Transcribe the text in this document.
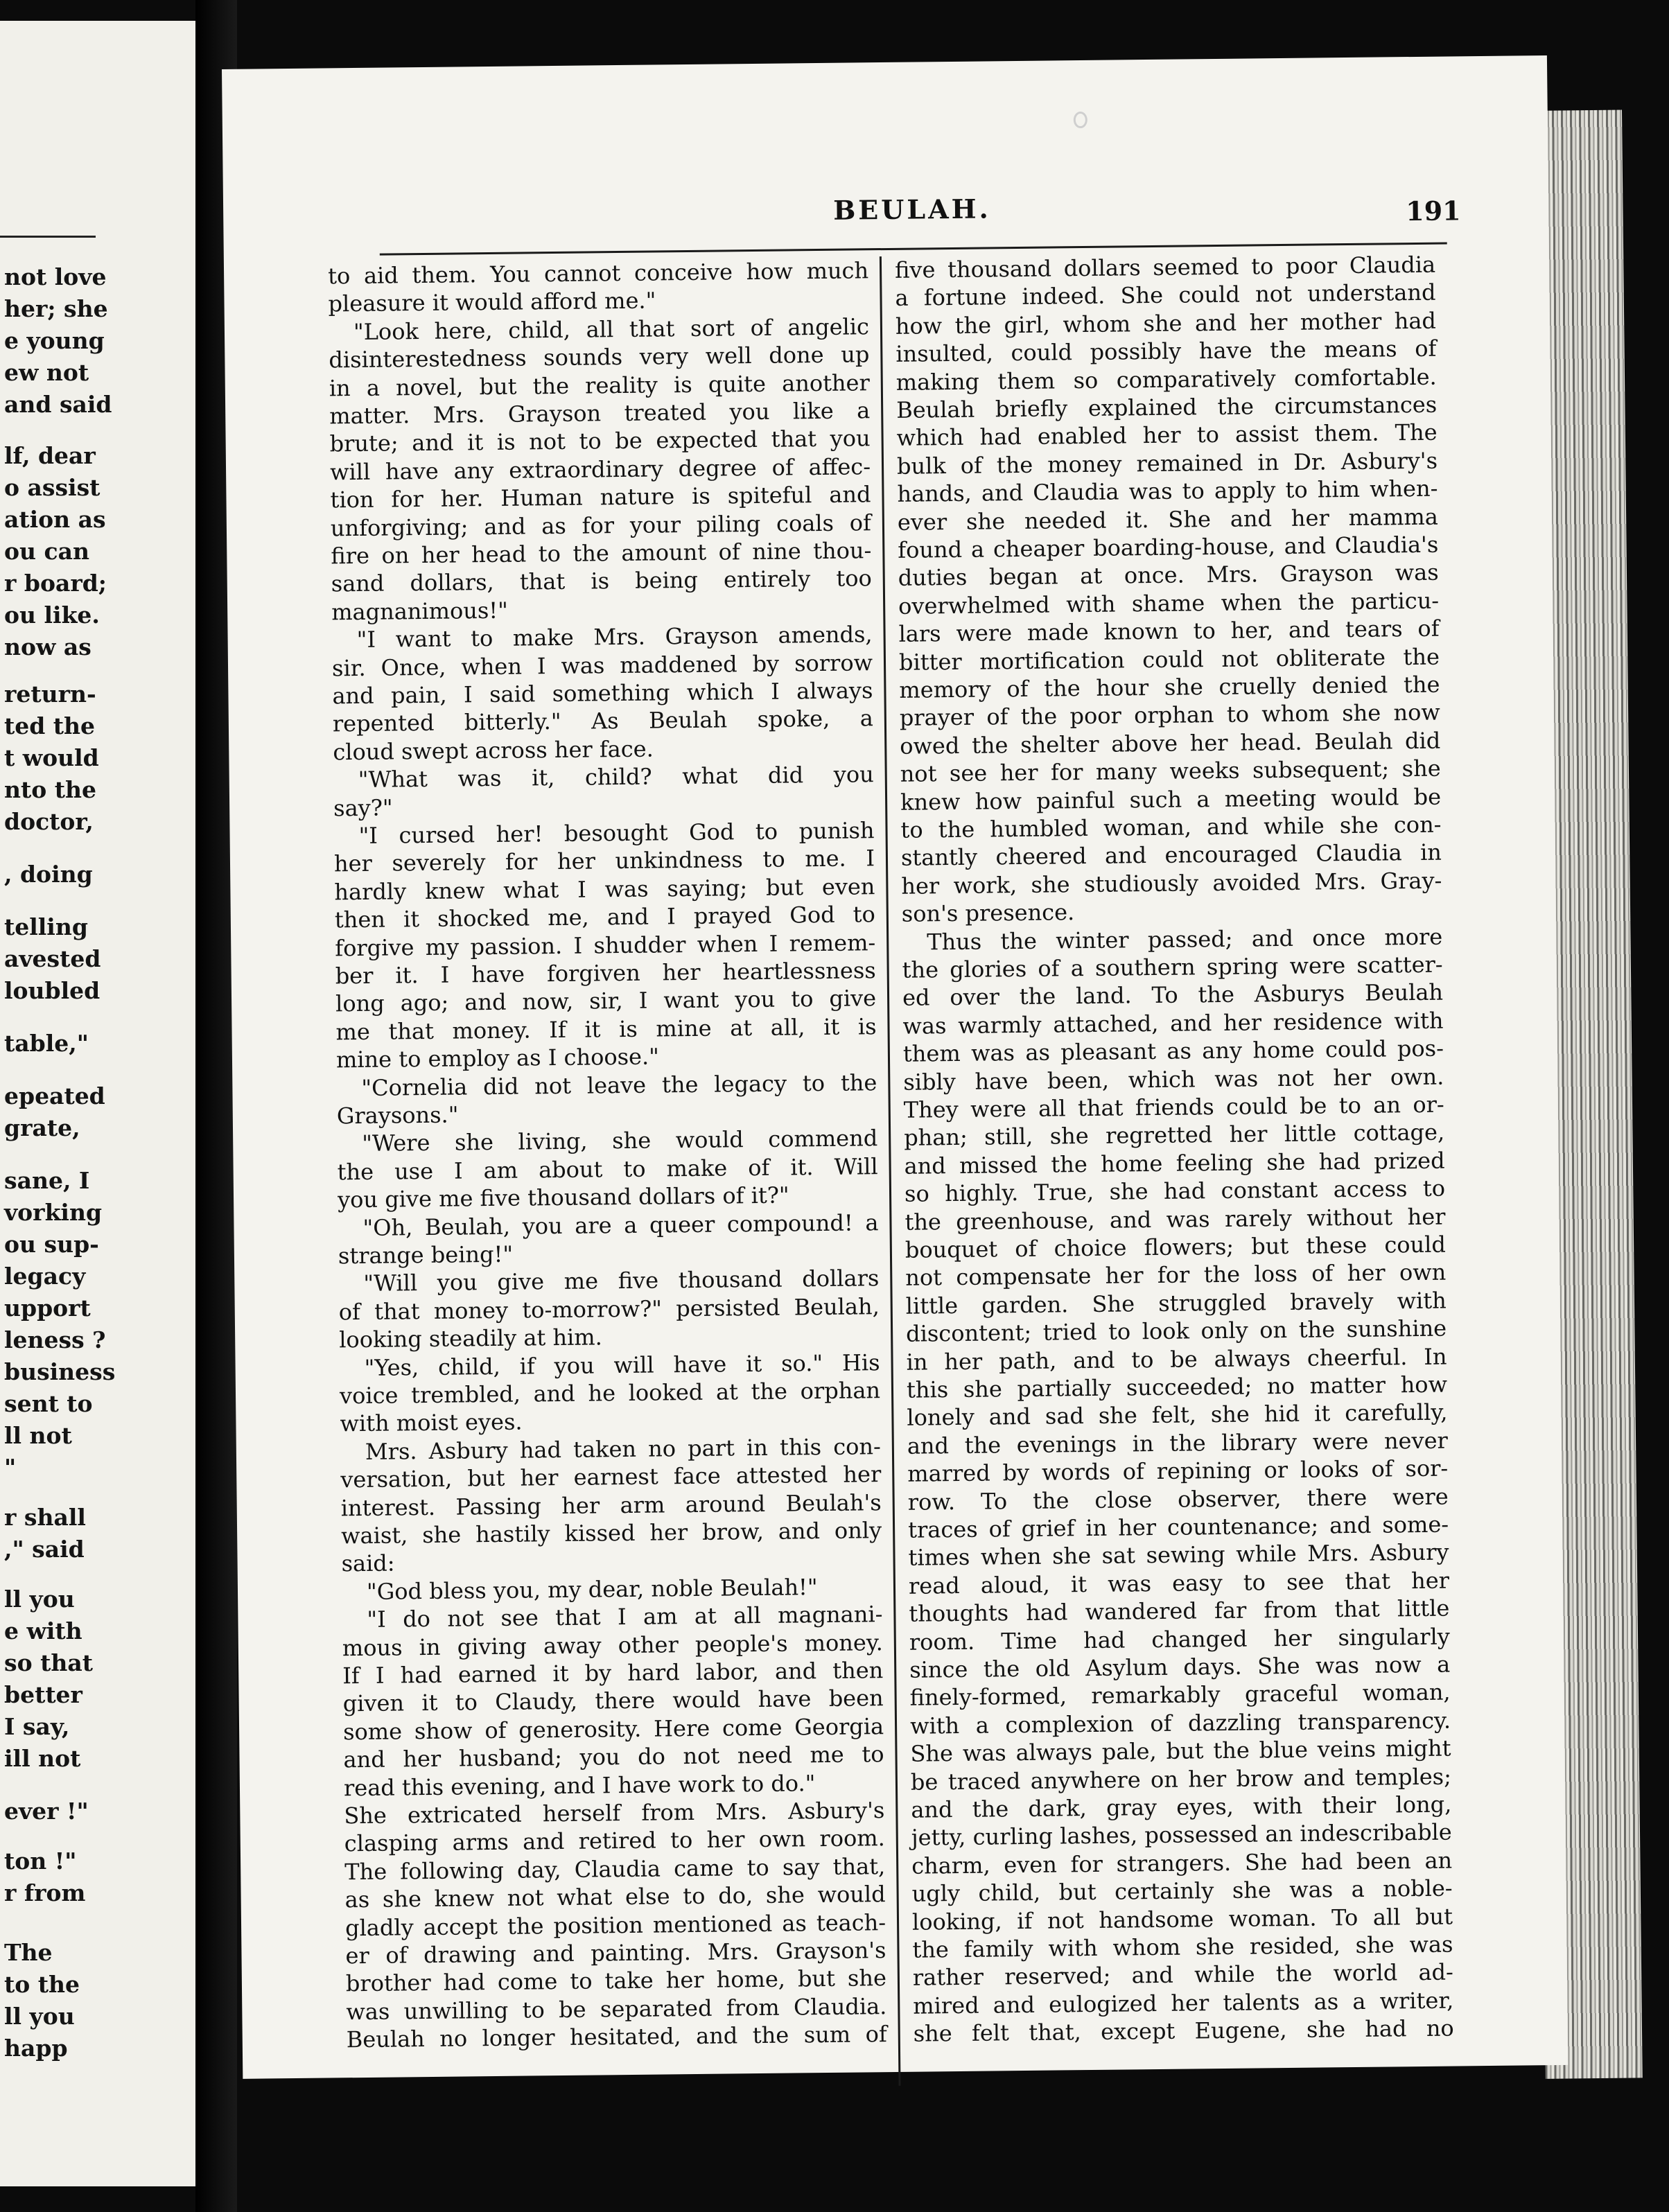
not love
her; she
e young
ew not
and said
lf, dear
o assist
ation as
ou can
r board;
ou like.
now as
return-
ted the
t would
nto the
doctor,
, doing
telling
avested
loubled
table,"
epeated
grate,
sane, I
vorking
ou sup-
legacy
upport
leness ?
business
sent to
ll not
"
r shall
," said
ll you
e with
so that
better
I say,
ill not
ever !"
ton !"
r from
The
to the
ll you
happ
BEULAH.	191
to aid them. You cannot conceive how much
pleasure it would afford me."
"Look here, child, all that sort of angelic
disinterestedness sounds very well done up
in a novel, but the reality is quite another
matter. Mrs. Grayson treated you like a
brute; and it is not to be expected that you
will have any extraordinary degree of affec-
tion for her. Human nature is spiteful and
unforgiving; and as for your piling coals of
fire on her head to the amount of nine thou-
sand dollars, that is being entirely too
magnanimous!"
"I want to make Mrs. Grayson amends,
sir. Once, when I was maddened by sorrow
and pain, I said something which I always
repented bitterly." As Beulah spoke, a
cloud swept across her face.
"What was it, child? what did you
say?"
"I cursed her! besought God to punish
her severely for her unkindness to me. I
hardly knew what I was saying; but even
then it shocked me, and I prayed God to
forgive my passion. I shudder when I remem-
ber it. I have forgiven her heartlessness
long ago; and now, sir, I want you to give
me that money. If it is mine at all, it is
mine to employ as I choose."
"Cornelia did not leave the legacy to the
Graysons."
"Were she living, she would commend
the use I am about to make of it. Will
you give me five thousand dollars of it?"
"Oh, Beulah, you are a queer compound! a
strange being!"
"Will you give me five thousand dollars
of that money to-morrow?" persisted Beulah,
looking steadily at him.
"Yes, child, if you will have it so." His
voice trembled, and he looked at the orphan
with moist eyes.
Mrs. Asbury had taken no part in this con-
versation, but her earnest face attested her
interest. Passing her arm around Beulah's
waist, she hastily kissed her brow, and only
said:
"God bless you, my dear, noble Beulah!"
"I do not see that I am at all magnani-
mous in giving away other people's money.
If I had earned it by hard labor, and then
given it to Claudy, there would have been
some show of generosity. Here come Georgia
and her husband; you do not need me to
read this evening, and I have work to do."
She extricated herself from Mrs. Asbury's
clasping arms and retired to her own room.
The following day, Claudia came to say that,
as she knew not what else to do, she would
gladly accept the position mentioned as teach-
er of drawing and painting. Mrs. Grayson's
brother had come to take her home, but she
was unwilling to be separated from Claudia.
Beulah no longer hesitated, and the sum of
five thousand dollars seemed to poor Claudia
a fortune indeed. She could not understand
how the girl, whom she and her mother had
insulted, could possibly have the means of
making them so comparatively comfortable.
Beulah briefly explained the circumstances
which had enabled her to assist them. The
bulk of the money remained in Dr. Asbury's
hands, and Claudia was to apply to him when-
ever she needed it. She and her mamma
found a cheaper boarding-house, and Claudia's
duties began at once. Mrs. Grayson was
overwhelmed with shame when the particu-
lars were made known to her, and tears of
bitter mortification could not obliterate the
memory of the hour she cruelly denied the
prayer of the poor orphan to whom she now
owed the shelter above her head. Beulah did
not see her for many weeks subsequent; she
knew how painful such a meeting would be
to the humbled woman, and while she con-
stantly cheered and encouraged Claudia in
her work, she studiously avoided Mrs. Gray-
son's presence.
Thus the winter passed; and once more
the glories of a southern spring were scatter-
ed over the land. To the Asburys Beulah
was warmly attached, and her residence with
them was as pleasant as any home could pos-
sibly have been, which was not her own.
They were all that friends could be to an or-
phan; still, she regretted her little cottage,
and missed the home feeling she had prized
so highly. True, she had constant access to
the greenhouse, and was rarely without her
bouquet of choice flowers; but these could
not compensate her for the loss of her own
little garden. She struggled bravely with
discontent; tried to look only on the sunshine
in her path, and to be always cheerful. In
this she partially succeeded; no matter how
lonely and sad she felt, she hid it carefully,
and the evenings in the library were never
marred by words of repining or looks of sor-
row. To the close observer, there were
traces of grief in her countenance; and some-
times when she sat sewing while Mrs. Asbury
read aloud, it was easy to see that her
thoughts had wandered far from that little
room. Time had changed her singularly
since the old Asylum days. She was now a
finely-formed, remarkably graceful woman,
with a complexion of dazzling transparency.
She was always pale, but the blue veins might
be traced anywhere on her brow and temples;
and the dark, gray eyes, with their long,
jetty, curling lashes, possessed an indescribable
charm, even for strangers. She had been an
ugly child, but certainly she was a noble-
looking, if not handsome woman. To all but
the family with whom she resided, she was
rather reserved; and while the world ad-
mired and eulogized her talents as a writer,
she felt that, except Eugene, she had no
